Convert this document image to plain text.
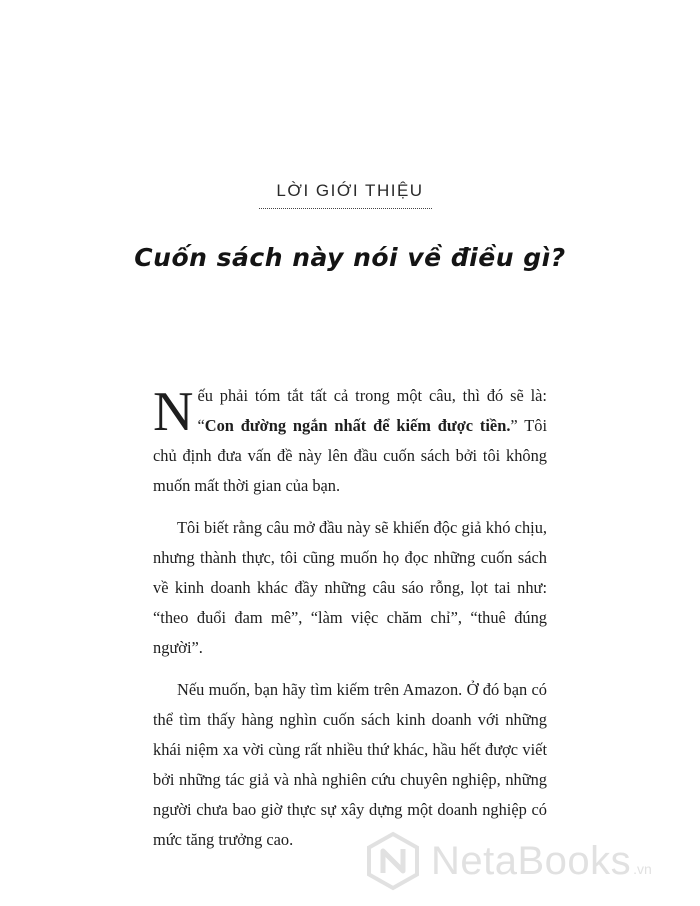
LỜI GIỚI THIỆU
Cuốn sách này nói về điều gì?

Nếu phải tóm tắt tất cả trong một câu, thì đó sẽ là: “Con đường ngắn nhất để kiếm được tiền.” Tôi chủ định đưa vấn đề này lên đầu cuốn sách bởi tôi không muốn mất thời gian của bạn.

Tôi biết rằng câu mở đầu này sẽ khiến độc giả khó chịu, nhưng thành thực, tôi cũng muốn họ đọc những cuốn sách về kinh doanh khác đầy những câu sáo rỗng, lọt tai như: “theo đuổi đam mê”, “làm việc chăm chỉ”, “thuê đúng người”.

Nếu muốn, bạn hãy tìm kiếm trên Amazon. Ở đó bạn có thể tìm thấy hàng nghìn cuốn sách kinh doanh với những khái niệm xa vời cùng rất nhiều thứ khác, hầu hết được viết bởi những tác giả và nhà nghiên cứu chuyên nghiệp, những người chưa bao giờ thực sự xây dựng một doanh nghiệp có mức tăng trưởng cao.	NetaBooks .vn
